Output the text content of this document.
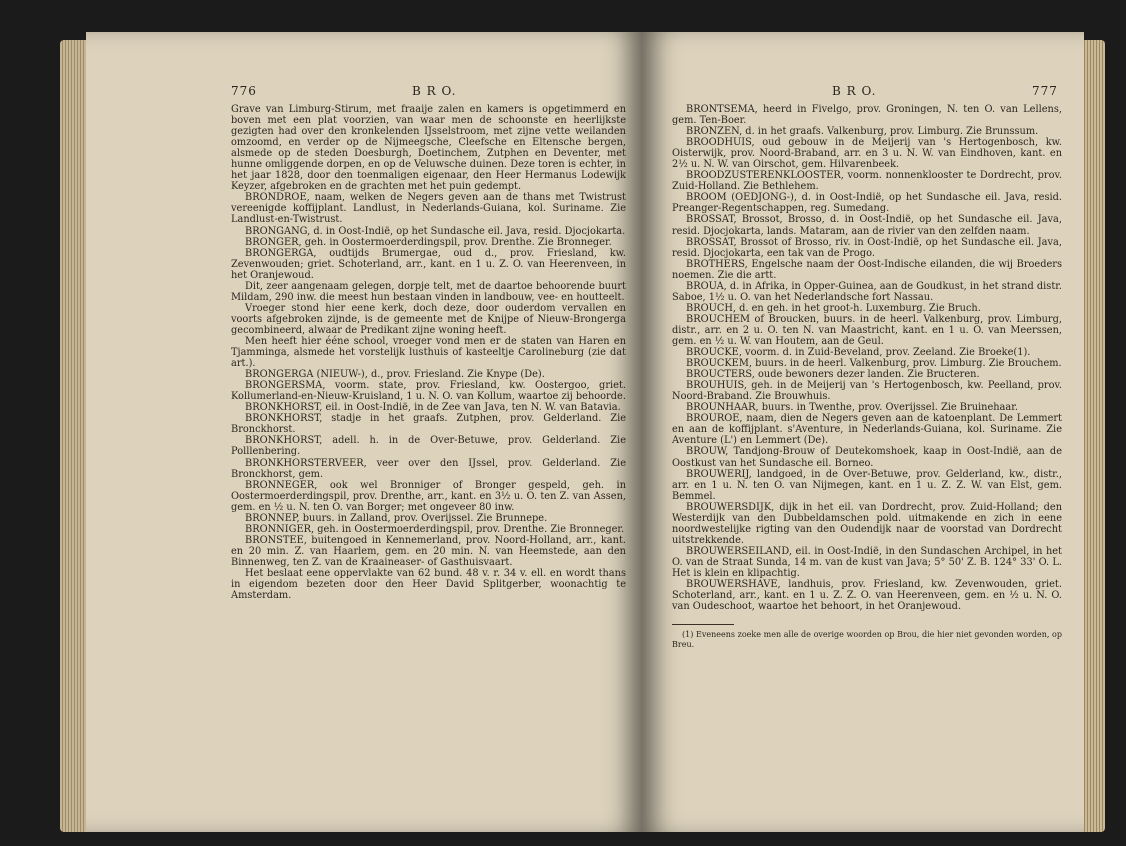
776	B R O.

Grave van Limburg-Stirum, met fraaije zalen en kamers is opgetimmerd en boven met een plat voorzien, van waar men de schoonste en heerlijkste gezigten had over den kronkelenden IJsselstroom, met zijne vette weilanden omzoomd, en verder op de Nijmeegsche, Cleefsche en Eltensche bergen, alsmede op de steden Doesburgh, Doetinchem, Zutphen en Deventer, met hunne omliggende dorpen, en op de Veluwsche duinen. Deze toren is echter, in het jaar 1828, door den toenmaligen eigenaar, den Heer Hermanus Lodewijk Keyzer, afgebroken en de grachten met het puin gedempt.

BRONDROE, naam, welken de Negers geven aan de thans met Twistrust vereenigde koffijplant. Landlust, in Nederlands-Guiana, kol. Suriname. Zie Landlust-en-Twistrust.

BRONGANG, d. in Oost-Indië, op het Sundasche eil. Java, resid. Djocjokarta.

BRONGER, geh. in Oostermoerderdingspil, prov. Drenthe. Zie Bronneger.

BRONGERGA, oudtijds Brumergae, oud d., prov. Friesland, kw. Zevenwouden; griet. Schoterland, arr., kant. en 1 u. Z. O. van Heerenveen, in het Oranjewoud.

Dit, zeer aangenaam gelegen, dorpje telt, met de daartoe behoorende buurt Mildam, 290 inw. die meest hun bestaan vinden in landbouw, vee- en houtteelt.

Vroeger stond hier eene kerk, doch deze, door ouderdom vervallen en voorts afgebroken zijnde, is de gemeente met de Knijpe of Nieuw-Brongerga gecombineerd, alwaar de Predikant zijne woning heeft.

Men heeft hier ééne school, vroeger vond men er de staten van Haren en Tjamminga, alsmede het vorstelijk lusthuis of kasteeltje Carolineburg (zie dat art.).

BRONGERGA (NIEUW-), d., prov. Friesland. Zie Knype (De).

BRONGERSMA, voorm. state, prov. Friesland, kw. Oostergoo, griet. Kollumerland-en-Nieuw-Kruisland, 1 u. N. O. van Kollum, waartoe zij behoorde.

BRONKHORST, eil. in Oost-Indië, in de Zee van Java, ten N. W. van Batavia.

BRONKHORST, stadje in het graafs. Zutphen, prov. Gelderland. Zie Bronckhorst.

BRONKHORST, adell. h. in de Over-Betuwe, prov. Gelderland. Zie Polllenbering.

BRONKHORSTERVEER, veer over den IJssel, prov. Gelderland. Zie Bronckhorst, gem.

BRONNEGER, ook wel Bronniger of Bronger gespeld, geh. in Oostermoerderdingspil, prov. Drenthe, arr., kant. en 3½ u. O. ten Z. van Assen, gem. en ½ u. N. ten O. van Borger; met ongeveer 80 inw.

BRONNEP, buurs. in Zalland, prov. Overijssel. Zie Brunnepe.

BRONNIGER, geh. in Oostermoerderdingspil, prov. Drenthe. Zie Bronneger.

BRONSTEE, buitengoed in Kennemerland, prov. Noord-Holland, arr., kant. en 20 min. Z. van Haarlem, gem. en 20 min. N. van Heemstede, aan den Binnenweg, ten Z. van de Kraaineaser- of Gasthuisvaart.

Het beslaat eene oppervlakte van 62 bund. 48 v. r. 34 v. ell. en wordt thans in eigendom bezeten door den Heer David Splitgerber, woonachtig te Amsterdam.

B R O.	777

BRONTSEMA, heerd in Fivelgo, prov. Groningen, N. ten O. van Lellens, gem. Ten-Boer.

BRONZEN, d. in het graafs. Valkenburg, prov. Limburg. Zie Brunssum.

BROODHUIS, oud gebouw in de Meijerij van 's Hertogenbosch, kw. Oisterwijk, prov. Noord-Braband, arr. en 3 u. N. W. van Eindhoven, kant. en 2½ u. N. W. van Oirschot, gem. Hilvarenbeek.

BROODZUSTERENKLOOSTER, voorm. nonnenklooster te Dordrecht, prov. Zuid-Holland. Zie Bethlehem.

BROOM (OEDJONG-), d. in Oost-Indië, op het Sundasche eil. Java, resid. Preanger-Regentschappen, reg. Sumedang.

BROSSAT, Brossot, Brosso, d. in Oost-Indië, op het Sundasche eil. Java, resid. Djocjokarta, lands. Mataram, aan de rivier van den zelfden naam.

BROSSAT, Brossot of Brosso, riv. in Oost-Indië, op het Sundasche eil. Java, resid. Djocjokarta, een tak van de Progo.

BROTHERS, Engelsche naam der Oost-Indische eilanden, die wij Broeders noemen. Zie die artt.

BROUA, d. in Afrika, in Opper-Guinea, aan de Goudkust, in het strand distr. Saboe, 1½ u. O. van het Nederlandsche fort Nassau.

BROUCH, d. en geh. in het groot-h. Luxemburg. Zie Bruch.

BROUCHEM of Broucken, buurs. in de heerl. Valkenburg, prov. Limburg, distr., arr. en 2 u. O. ten N. van Maastricht, kant. en 1 u. O. van Meerssen, gem. en ½ u. W. van Houtem, aan de Geul.

BROUCKE, voorm. d. in Zuid-Beveland, prov. Zeeland. Zie Broeke(1).

BROUCKEM, buurs. in de heerl. Valkenburg, prov. Limburg. Zie Brouchem.

BROUCTERS, oude bewoners dezer landen. Zie Bructeren.

BROUHUIS, geh. in de Meijerij van 's Hertogenbosch, kw. Peelland, prov. Noord-Braband. Zie Brouwhuis.

BROUNHAAR, buurs. in Twenthe, prov. Overijssel. Zie Bruinehaar.

BROUROE, naam, dien de Negers geven aan de katoenplant. De Lemmert en aan de koffijplant. s'Aventure, in Nederlands-Guiana, kol. Suriname. Zie Aventure (L') en Lemmert (De).

BROUW, Tandjong-Brouw of Deutekomshoek, kaap in Oost-Indië, aan de Oostkust van het Sundasche eil. Borneo.

BROUWERIJ, landgoed, in de Over-Betuwe, prov. Gelderland, kw., distr., arr. en 1 u. N. ten O. van Nijmegen, kant. en 1 u. Z. Z. W. van Elst, gem. Bemmel.

BROUWERSDIJK, dijk in het eil. van Dordrecht, prov. Zuid-Holland; den Westerdijk van den Dubbeldamschen pold. uitmakende en zich in eene noordwestelijke rigting van den Oudendijk naar de voorstad van Dordrecht uitstrekkende.

BROUWERSEILAND, eil. in Oost-Indië, in den Sundaschen Archipel, in het O. van de Straat Sunda, 14 m. van de kust van Java; 5° 50' Z. B. 124° 33' O. L. Het is klein en klipachtig.

BROUWERSHAVE, landhuis, prov. Friesland, kw. Zevenwouden, griet. Schoterland, arr., kant. en 1 u. Z. Z. O. van Heerenveen, gem. en ½ u. N. O. van Oudeschoot, waartoe het behoort, in het Oranjewoud.

(1) Eveneens zoeke men alle de overige woorden op Brou, die hier niet gevonden worden, op Breu.
